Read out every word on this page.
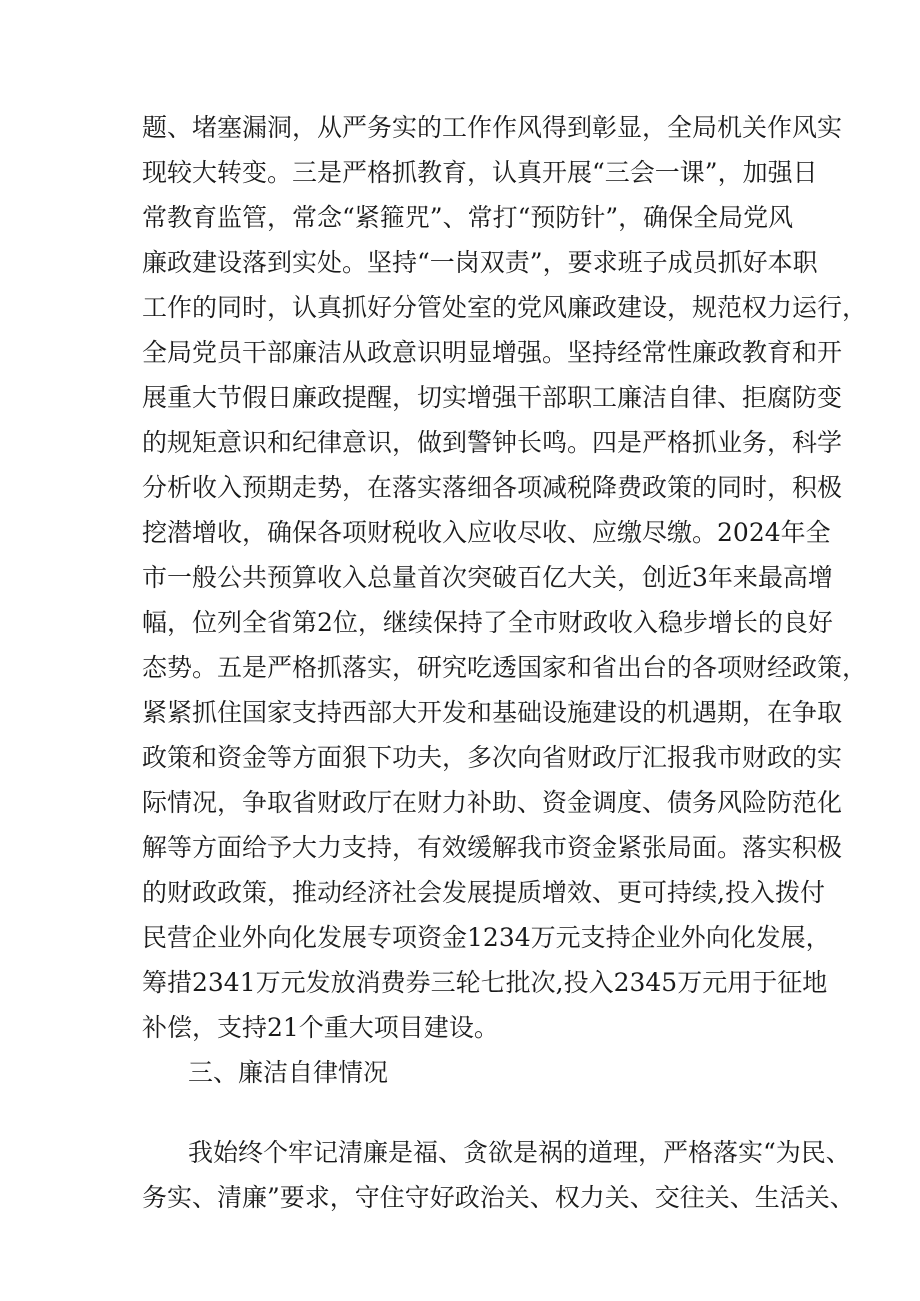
题、堵塞漏洞，从严务实的工作作风得到彰显，全局机关作风实
现较大转变。三是严格抓教育，认真开展“三会一课”，加强日
常教育监管，常念“紧箍咒”、常打“预防针”，确保全局党风
廉政建设落到实处。坚持“一岗双责”，要求班子成员抓好本职
工作的同时，认真抓好分管处室的党风廉政建设，规范权力运行，
全局党员干部廉洁从政意识明显增强。坚持经常性廉政教育和开
展重大节假日廉政提醒，切实增强干部职工廉洁自律、拒腐防变
的规矩意识和纪律意识，做到警钟长鸣。四是严格抓业务，科学
分析收入预期走势，在落实落细各项减税降费政策的同时，积极
挖潜增收，确保各项财税收入应收尽收、应缴尽缴。2024年全
市一般公共预算收入总量首次突破百亿大关，创近3年来最高增
幅，位列全省第2位，继续保持了全市财政收入稳步增长的良好
态势。五是严格抓落实，研究吃透国家和省出台的各项财经政策，
紧紧抓住国家支持西部大开发和基础设施建设的机遇期，在争取
政策和资金等方面狠下功夫，多次向省财政厅汇报我市财政的实
际情况，争取省财政厅在财力补助、资金调度、债务风险防范化
解等方面给予大力支持，有效缓解我市资金紧张局面。落实积极
的财政政策，推动经济社会发展提质增效、更可持续,投入拨付
民营企业外向化发展专项资金1234万元支持企业外向化发展，
筹措2341万元发放消费券三轮七批次,投入2345万元用于征地
补偿，支持21个重大项目建设。
三、廉洁自律情况
我始终个牢记清廉是福、贪欲是祸的道理，严格落实“为民、
务实、清廉”要求，守住守好政治关、权力关、交往关、生活关、
